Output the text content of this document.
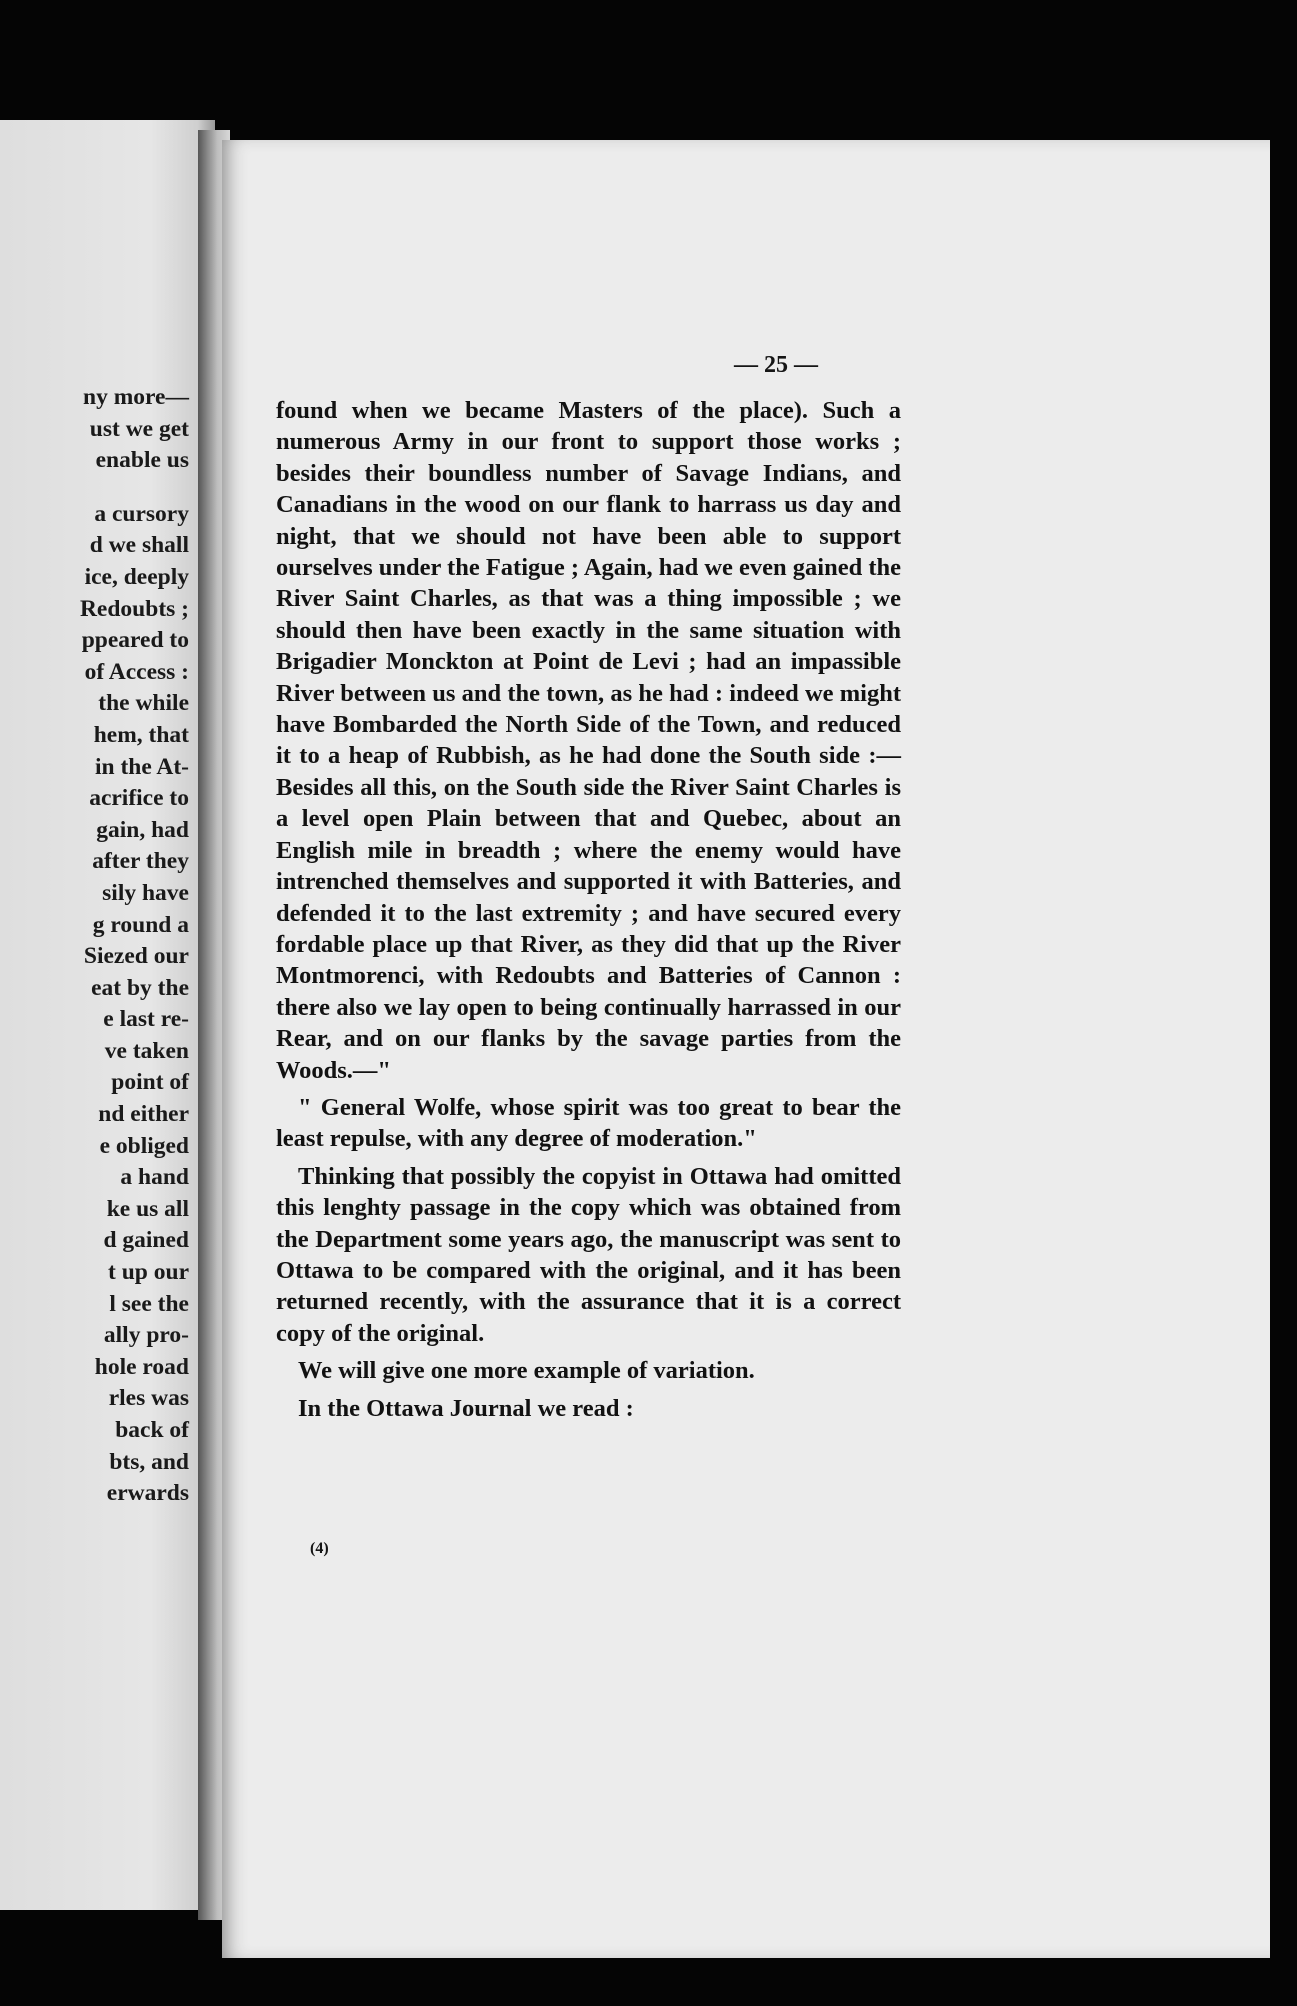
ny more—
ust we get
enable us
a cursory
d we shall
ice, deeply
Redoubts ;
ppeared to
of Access :
the while
hem, that
in the At-
acrifice to
gain, had
after they
sily have
g round a
Siezed our
eat by the
e last re-
ve taken
point of
nd either
e obliged
a hand
ke us all
d gained
t up our
l see the
ally pro-
hole road
rles was
back of
bts, and
erwards
— 25 —

found when we became Masters of the place). Such a numerous Army in our front to support those works ; besides their boundless number of Savage Indians, and Canadians in the wood on our flank to harrass us day and night, that we should not have been able to support ourselves under the Fatigue ; Again, had we even gained the River Saint Charles, as that was a thing impossible ; we should then have been exactly in the same situation with Brigadier Monckton at Point de Levi ; had an impassible River between us and the town, as he had : indeed we might have Bombarded the North Side of the Town, and reduced it to a heap of Rubbish, as he had done the South side :—Besides all this, on the South side the River Saint Charles is a level open Plain between that and Quebec, about an English mile in breadth ; where the enemy would have intrenched themselves and supported it with Batteries, and defended it to the last extremity ; and have secured every fordable place up that River, as they did that up the River Montmorenci, with Redoubts and Batteries of Cannon : there also we lay open to being continually harrassed in our Rear, and on our flanks by the savage parties from the Woods.—"

" General Wolfe, whose spirit was too great to bear the least repulse, with any degree of moderation."

Thinking that possibly the copyist in Ottawa had omitted this lenghty passage in the copy which was obtained from the Department some years ago, the manuscript was sent to Ottawa to be compared with the original, and it has been returned recently, with the assurance that it is a correct copy of the original.

We will give one more example of variation.

In the Ottawa Journal we read :

(4)
